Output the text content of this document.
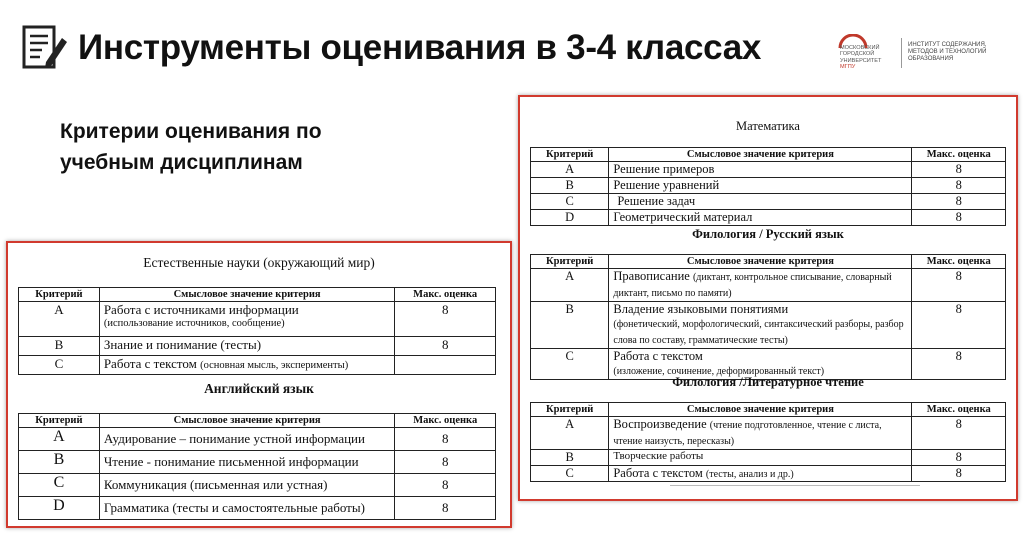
Инструменты оценивания в 3-4 классах	МОСКОВСКИЙ
ГОРОДСКОЙ
УНИВЕРСИТЕТ
МГПУ
ИНСТИТУТ СОДЕРЖАНИЯ,
МЕТОДОВ И ТЕХНОЛОГИЙ
ОБРАЗОВАНИЯ
Критерии оценивания по
учебным дисциплинам
Естественные науки (окружающий мир)
Критерий	Смысловое значение критерия	Макс. оценка
A	Работа с источниками информации
(использование источников, сообщение)	8
B	Знание и понимание (тесты)	8
C	Работа с текстом (основная мысль, эксперименты)	
Английский язык
Критерий	Смысловое значение критерия	Макс. оценка
A	Аудирование – понимание устной информации	8
B	Чтение - понимание письменной информации	8
C	Коммуникация (письменная или устная)	8
D	Грамматика (тесты и самостоятельные работы)	8
Математика
Критерий	Смысловое значение критерия	Макс. оценка
A	Решение примеров	8
B	Решение уравнений	8
C	Решение задач	8
D	Геометрический материал	8
Филология / Русский язык
Критерий	Смысловое значение критерия	Макс. оценка
A	Правописание (диктант, контрольное списывание, словарный диктант, письмо по памяти)	8
B	Владение языковыми понятиями
(фонетический, морфологический, синтаксический разборы, разбор слова по составу, грамматические тесты)	8
C	Работа с текстом
(изложение, сочинение, деформированный текст)	8
Филология /Литературное чтение
Критерий	Смысловое значение критерия	Макс. оценка
A	Воспроизведение (чтение подготовленное, чтение с листа, чтение наизусть, пересказы)	8
B	Творческие работы	8
C	Работа с текстом (тесты, анализ и др.)	8
